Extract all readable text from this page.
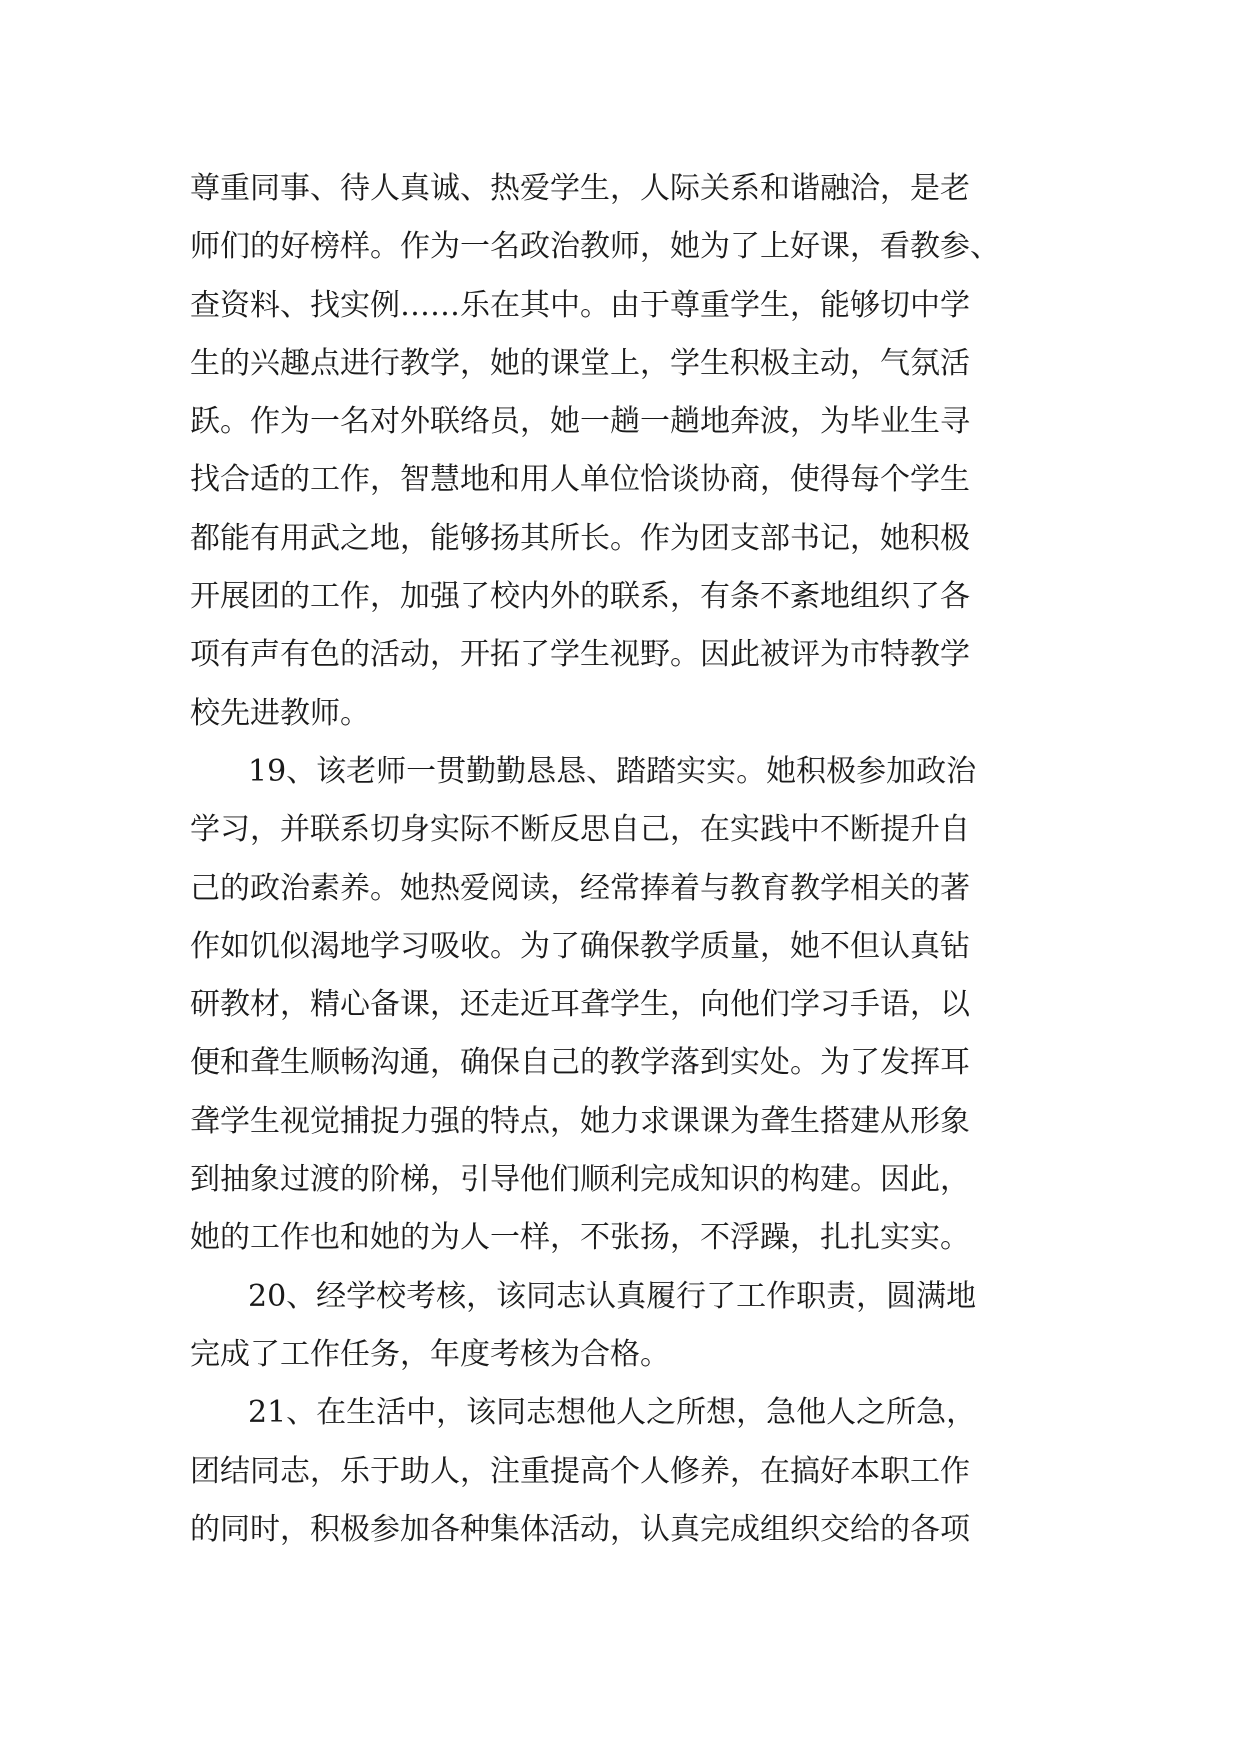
尊重同事、待人真诚、热爱学生，人际关系和谐融洽，是老
师们的好榜样。作为一名政治教师，她为了上好课，看教参、
查资料、找实例……乐在其中。由于尊重学生，能够切中学
生的兴趣点进行教学，她的课堂上，学生积极主动，气氛活
跃。作为一名对外联络员，她一趟一趟地奔波，为毕业生寻
找合适的工作，智慧地和用人单位恰谈协商，使得每个学生
都能有用武之地，能够扬其所长。作为团支部书记，她积极
开展团的工作，加强了校内外的联系，有条不紊地组织了各
项有声有色的活动，开拓了学生视野。因此被评为市特教学
校先进教师。
19、该老师一贯勤勤恳恳、踏踏实实。她积极参加政治
学习，并联系切身实际不断反思自己，在实践中不断提升自
己的政治素养。她热爱阅读，经常捧着与教育教学相关的著
作如饥似渴地学习吸收。为了确保教学质量，她不但认真钻
研教材，精心备课，还走近耳聋学生，向他们学习手语，以
便和聋生顺畅沟通，确保自己的教学落到实处。为了发挥耳
聋学生视觉捕捉力强的特点，她力求课课为聋生搭建从形象
到抽象过渡的阶梯，引导他们顺利完成知识的构建。因此，
她的工作也和她的为人一样，不张扬，不浮躁，扎扎实实。
20、经学校考核，该同志认真履行了工作职责，圆满地
完成了工作任务，年度考核为合格。
21、在生活中，该同志想他人之所想，急他人之所急，
团结同志，乐于助人，注重提高个人修养，在搞好本职工作
的同时，积极参加各种集体活动，认真完成组织交给的各项
